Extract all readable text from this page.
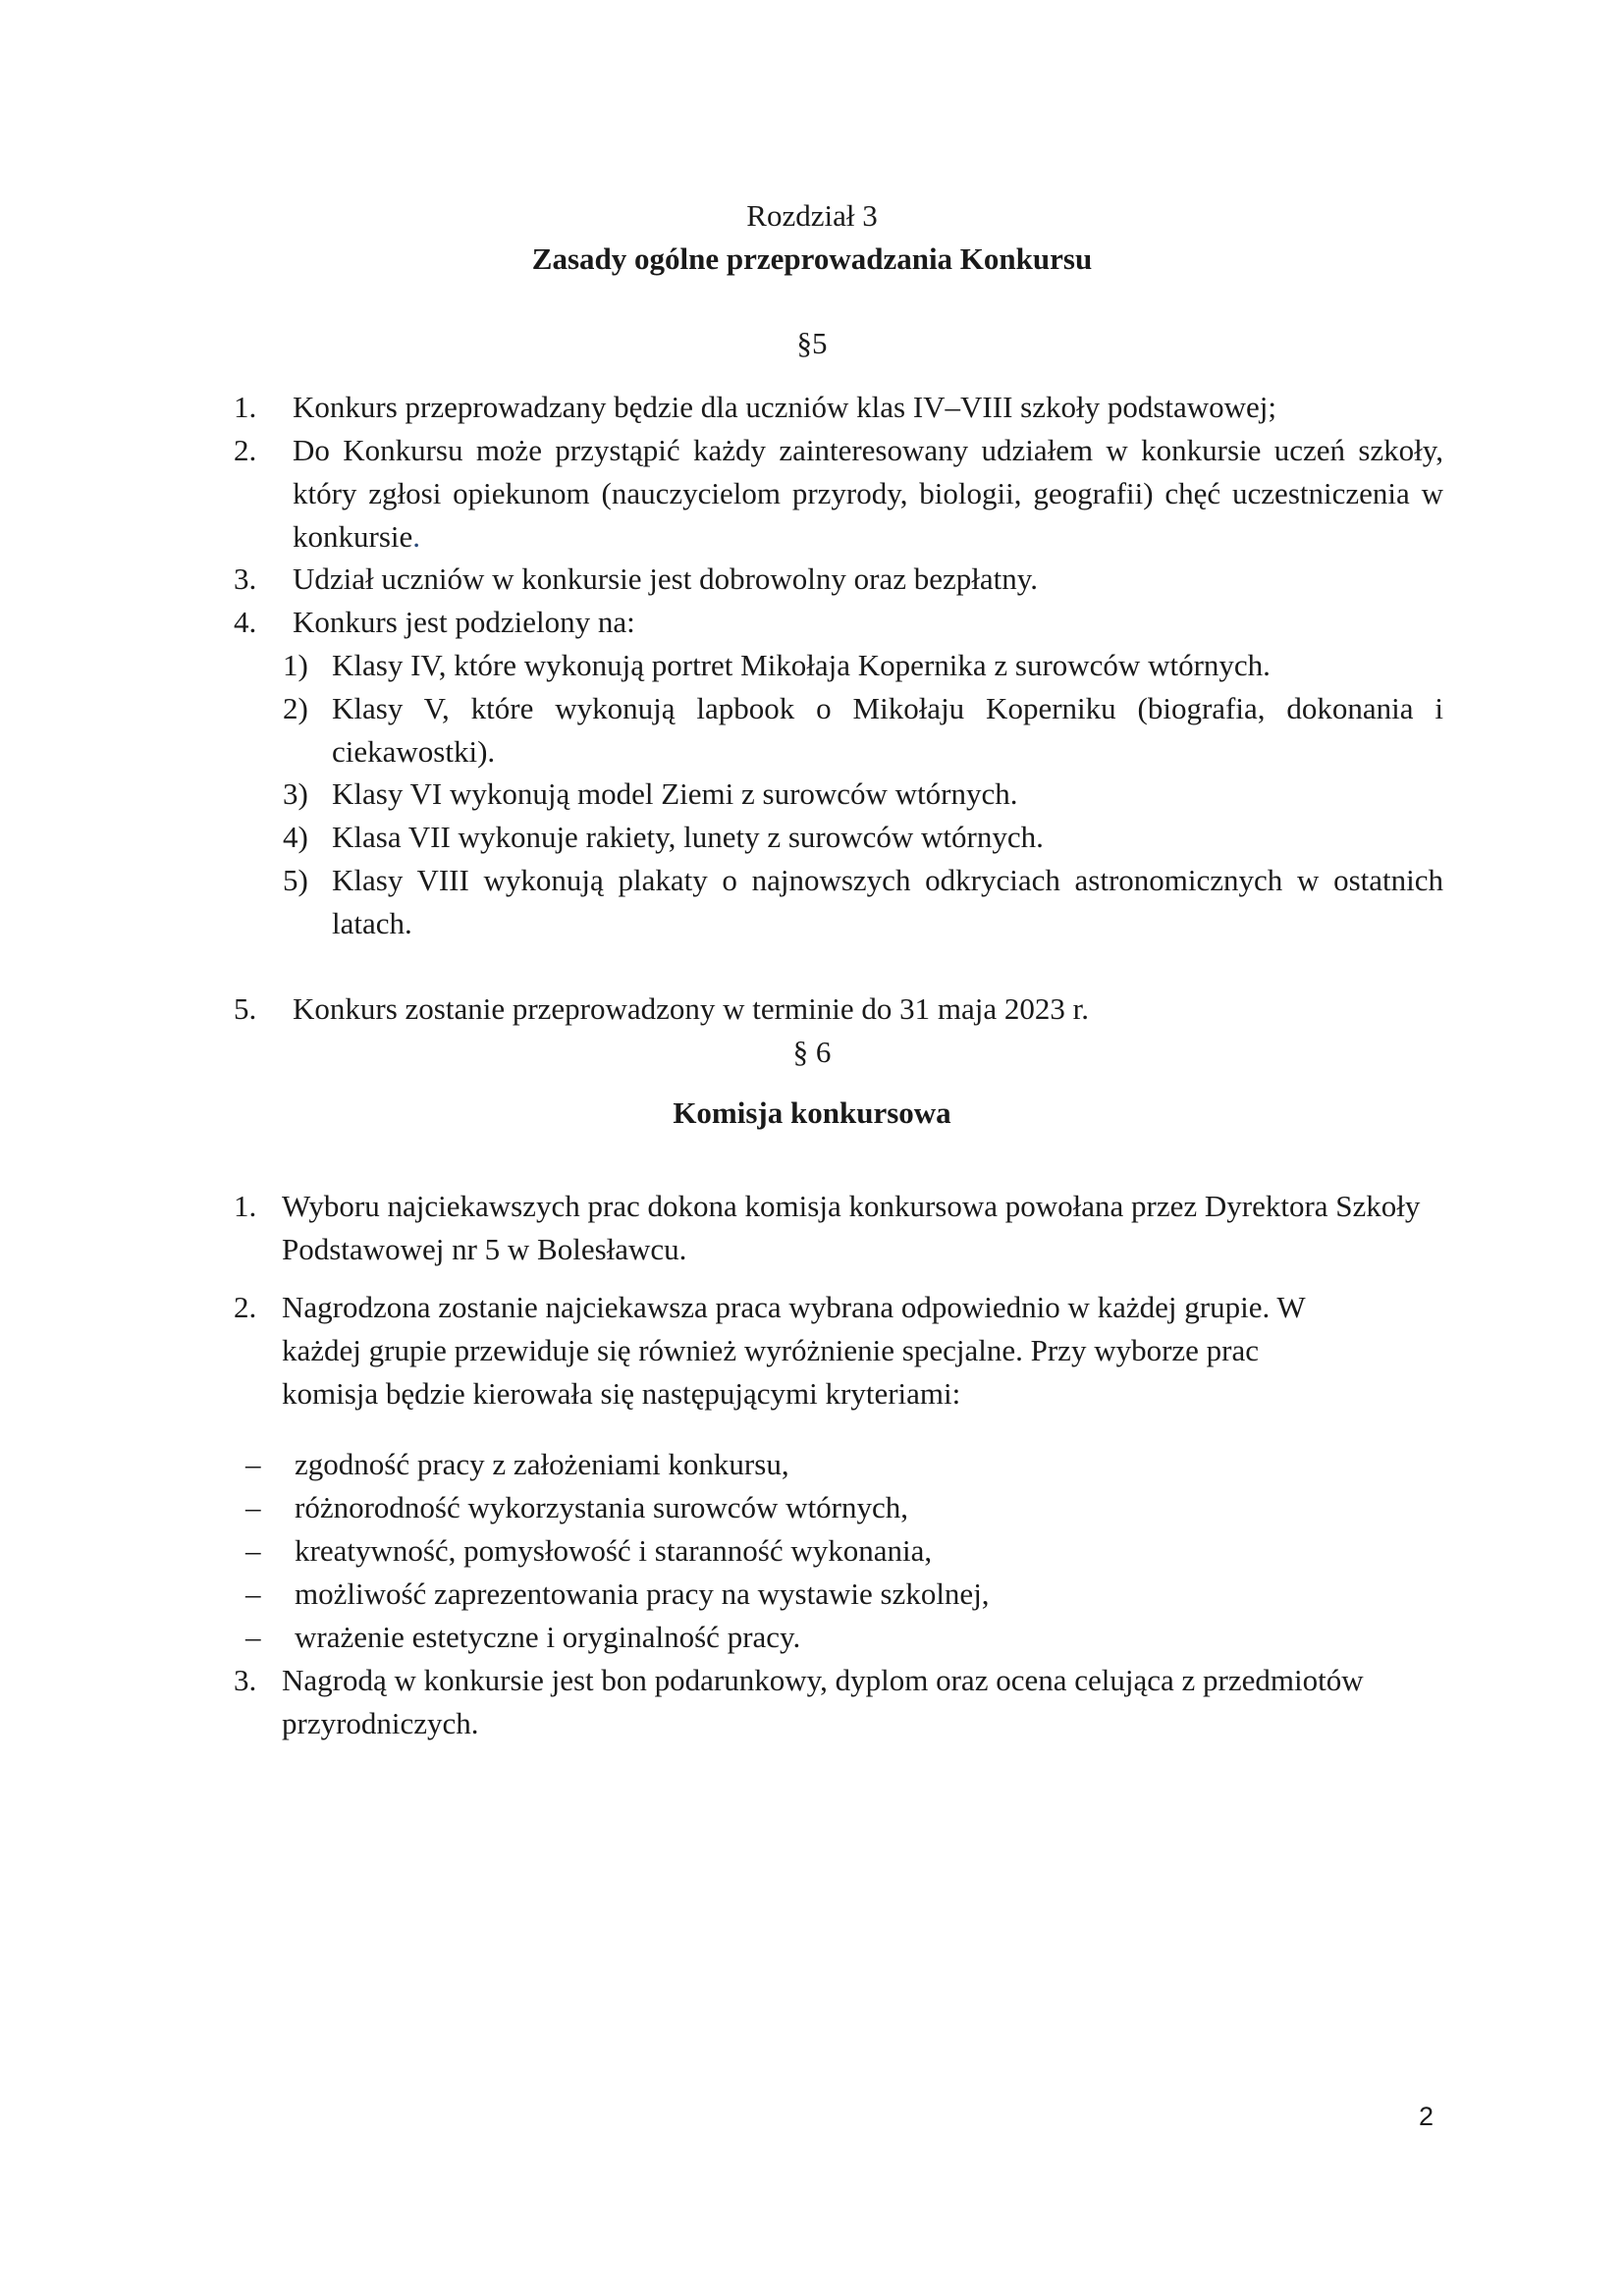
Rozdział 3
Zasady ogólne przeprowadzania Konkursu
§5
1. Konkurs przeprowadzany będzie dla uczniów klas IV–VIII szkoły podstawowej;
2. Do Konkursu może przystąpić każdy zainteresowany udziałem w konkursie uczeń szkoły, który zgłosi opiekunom (nauczycielom przyrody, biologii, geografii) chęć uczestniczenia w konkursie.
3. Udział uczniów w konkursie jest dobrowolny oraz bezpłatny.
4. Konkurs jest podzielony na:
1) Klasy IV, które wykonują portret Mikołaja Kopernika z surowców wtórnych.
2) Klasy V, które wykonują lapbook o Mikołaju Koperniku (biografia, dokonania i ciekawostki).
3) Klasy VI wykonują model Ziemi z surowców wtórnych.
4) Klasa VII wykonuje rakiety, lunety z surowców wtórnych.
5) Klasy VIII wykonują plakaty o najnowszych odkryciach astronomicznych w ostatnich latach.
5. Konkurs zostanie przeprowadzony w terminie do 31 maja 2023 r.
§ 6
Komisja konkursowa
1. Wyboru najciekawszych prac dokona komisja konkursowa powołana przez Dyrektora Szkoły Podstawowej nr 5 w Bolesławcu.
2. Nagrodzona zostanie najciekawsza praca wybrana odpowiednio w każdej grupie. W
każdej grupie przewiduje się również wyróżnienie specjalne. Przy wyborze prac
komisja będzie kierowała się następującymi kryteriami:
– zgodność pracy z założeniami konkursu,
– różnorodność wykorzystania surowców wtórnych,
– kreatywność, pomysłowość i staranność wykonania,
– możliwość zaprezentowania pracy na wystawie szkolnej,
– wrażenie estetyczne i oryginalność pracy.
3. Nagrodą w konkursie jest bon podarunkowy, dyplom oraz ocena celująca z przedmiotów przyrodniczych.
2
